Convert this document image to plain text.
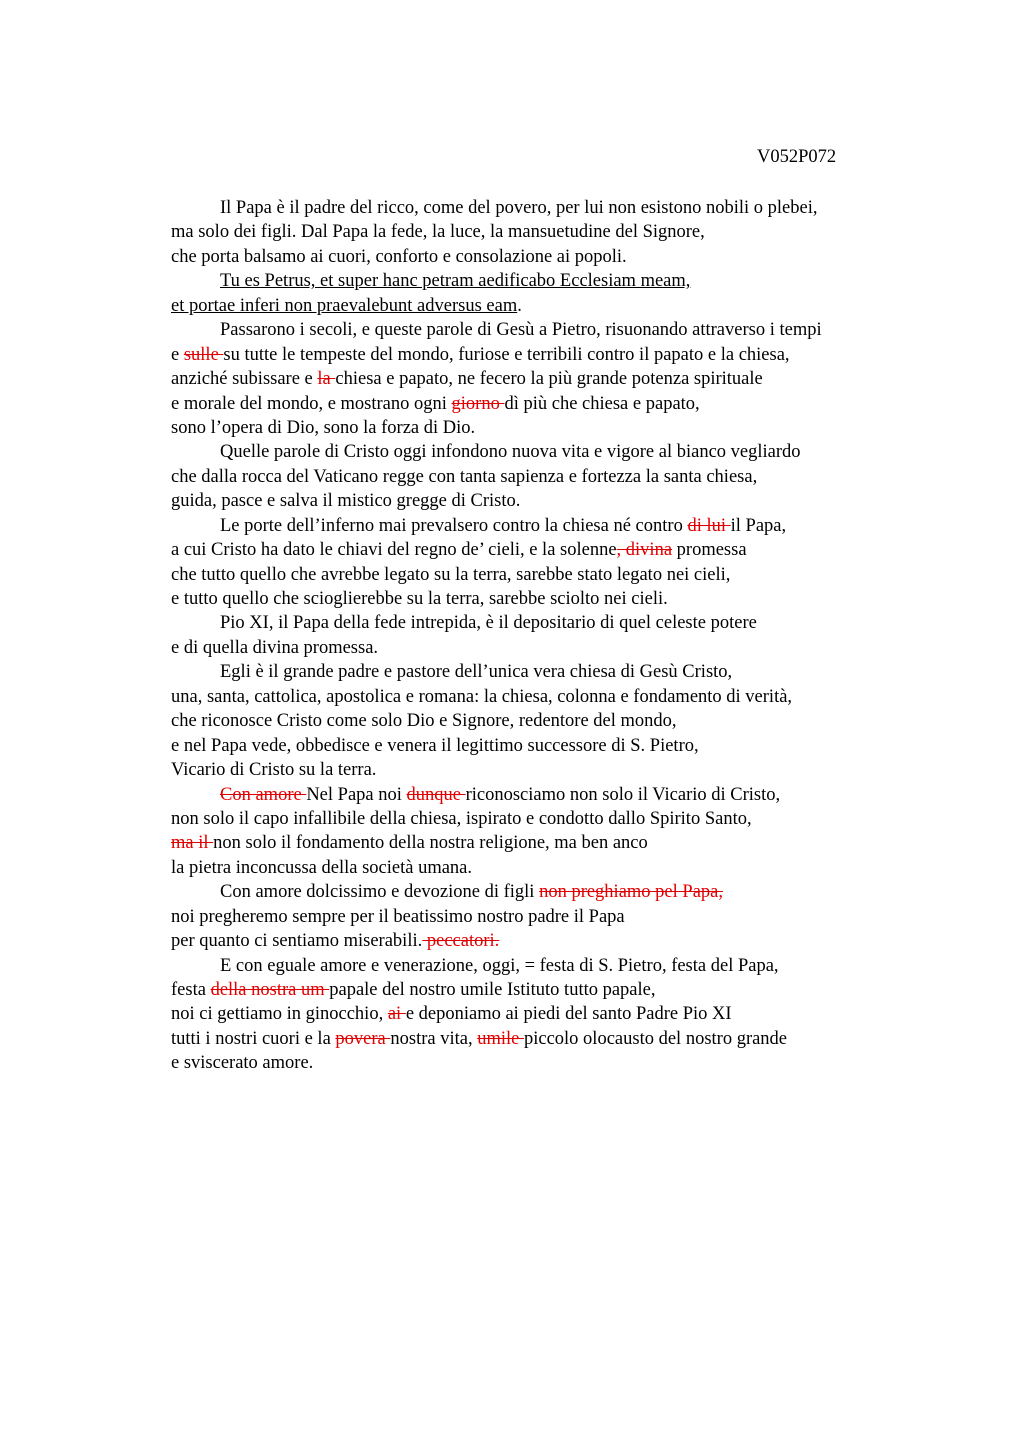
V052P072
Il Papa è il padre del ricco, come del povero, per lui non esistono nobili o plebei,
ma solo dei figli. Dal Papa la fede, la luce, la mansuetudine del Signore,
che porta balsamo ai cuori, conforto e consolazione ai popoli.
Tu es Petrus, et super hanc petram aedificabo Ecclesiam meam,
et portae inferi non praevalebunt adversus eam.
Passarono i secoli, e queste parole di Gesù a Pietro, risuonando attraverso i tempi
e sulle su tutte le tempeste del mondo, furiose e terribili contro il papato e la chiesa,
anziché subissare e la chiesa e papato, ne fecero la più grande potenza spirituale
e morale del mondo, e mostrano ogni giorno dì più che chiesa e papato,
sono l’opera di Dio, sono la forza di Dio.
Quelle parole di Cristo oggi infondono nuova vita e vigore al bianco vegliardo
che dalla rocca del Vaticano regge con tanta sapienza e fortezza la santa chiesa,
guida, pasce e salva il mistico gregge di Cristo.
Le porte dell’inferno mai prevalsero contro la chiesa né contro di lui il Papa,
a cui Cristo ha dato le chiavi del regno de’ cieli, e la solenne, divina promessa
che tutto quello che avrebbe legato su la terra, sarebbe stato legato nei cieli,
e tutto quello che scioglierebbe su la terra, sarebbe sciolto nei cieli.
Pio XI, il Papa della fede intrepida, è il depositario di quel celeste potere
e di quella divina promessa.
Egli è il grande padre e pastore dell’unica vera chiesa di Gesù Cristo,
una, santa, cattolica, apostolica e romana: la chiesa, colonna e fondamento di verità,
che riconosce Cristo come solo Dio e Signore, redentore del mondo,
e nel Papa vede, obbedisce e venera il legittimo successore di S. Pietro,
Vicario di Cristo su la terra.
Con amore Nel Papa noi dunque riconosciamo non solo il Vicario di Cristo,
non solo il capo infallibile della chiesa, ispirato e condotto dallo Spirito Santo,
ma il non solo il fondamento della nostra religione, ma ben anco
la pietra inconcussa della società umana.
Con amore dolcissimo e devozione di figli non preghiamo pel Papa,
noi pregheremo sempre per il beatissimo nostro padre il Papa
per quanto ci sentiamo miserabili. peccatori.
E con eguale amore e venerazione, oggi, = festa di S. Pietro, festa del Papa,
festa della nostra um papale del nostro umile Istituto tutto papale,
noi ci gettiamo in ginocchio, ai e deponiamo ai piedi del santo Padre Pio XI
tutti i nostri cuori e la povera nostra vita, umile piccolo olocausto del nostro grande
e sviscerato amore.
